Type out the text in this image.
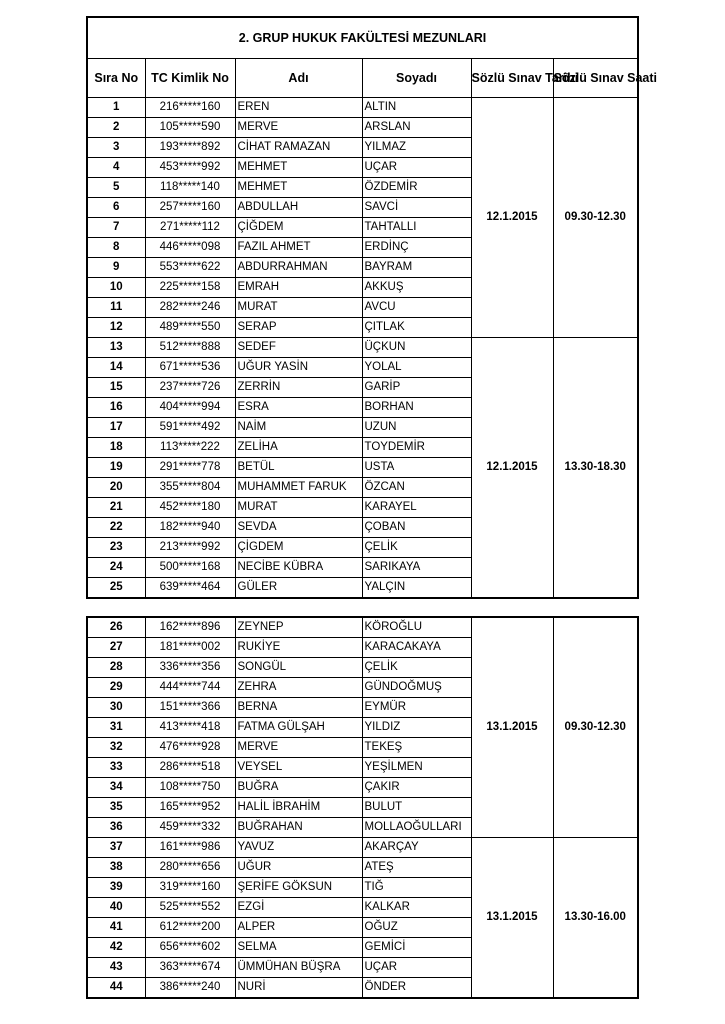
2. GRUP HUKUK FAKÜLTESİ MEZUNLARI					
Sıra No	TC Kimlik No	Adı	Soyadı	Sözlü Sınav Tarihi	Sözlü Sınav Saati
1	216*****160	EREN	ALTIN	12.1.2015	09.30-12.30
2	105*****590	MERVE	ARSLAN		
3	193*****892	CİHAT RAMAZAN	YILMAZ		
4	453*****992	MEHMET	UÇAR		
5	118*****140	MEHMET	ÖZDEMİR		
6	257*****160	ABDULLAH	SAVCİ		
7	271*****112	ÇİĞDEM	TAHTALLI		
8	446*****098	FAZIL AHMET	ERDİNÇ		
9	553*****622	ABDURRAHMAN	BAYRAM		
10	225*****158	EMRAH	AKKUŞ		
11	282*****246	MURAT	AVCU		
12	489*****550	SERAP	ÇITLAK		
13	512*****888	SEDEF	ÜÇKUN	12.1.2015	13.30-18.30
14	671*****536	UĞUR YASİN	YOLAL		
15	237*****726	ZERRİN	GARİP		
16	404*****994	ESRA	BORHAN		
17	591*****492	NAİM	UZUN		
18	113*****222	ZELİHA	TOYDEMİR		
19	291*****778	BETÜL	USTA		
20	355*****804	MUHAMMET FARUK	ÖZCAN		
21	452*****180	MURAT	KARAYEL		
22	182*****940	SEVDA	ÇOBAN		
23	213*****992	ÇİGDEM	ÇELİK		
24	500*****168	NECİBE KÜBRA	SARIKAYA		
25	639*****464	GÜLER	YALÇIN		
26	162*****896	ZEYNEP	KÖROĞLU	13.1.2015	09.30-12.30
27	181*****002	RUKİYE	KARACAKAYA		
28	336*****356	SONGÜL	ÇELİK		
29	444*****744	ZEHRA	GÜNDOĞMUŞ		
30	151*****366	BERNA	EYMÜR		
31	413*****418	FATMA GÜLŞAH	YILDIZ		
32	476*****928	MERVE	TEKEŞ		
33	286*****518	VEYSEL	YEŞİLMEN		
34	108*****750	BUĞRA	ÇAKIR		
35	165*****952	HALİL İBRAHİM	BULUT		
36	459*****332	BUĞRAHAN	MOLLAOĞULLARI		
37	161*****986	YAVUZ	AKARÇAY	13.1.2015	13.30-16.00
38	280*****656	UĞUR	ATEŞ		
39	319*****160	ŞERİFE GÖKSUN	TIĞ		
40	525*****552	EZGİ	KALKAR		
41	612*****200	ALPER	OĞUZ		
42	656*****602	SELMA	GEMİCİ		
43	363*****674	ÜMMÜHAN BÜŞRA	UÇAR		
44	386*****240	NURİ	ÖNDER		
